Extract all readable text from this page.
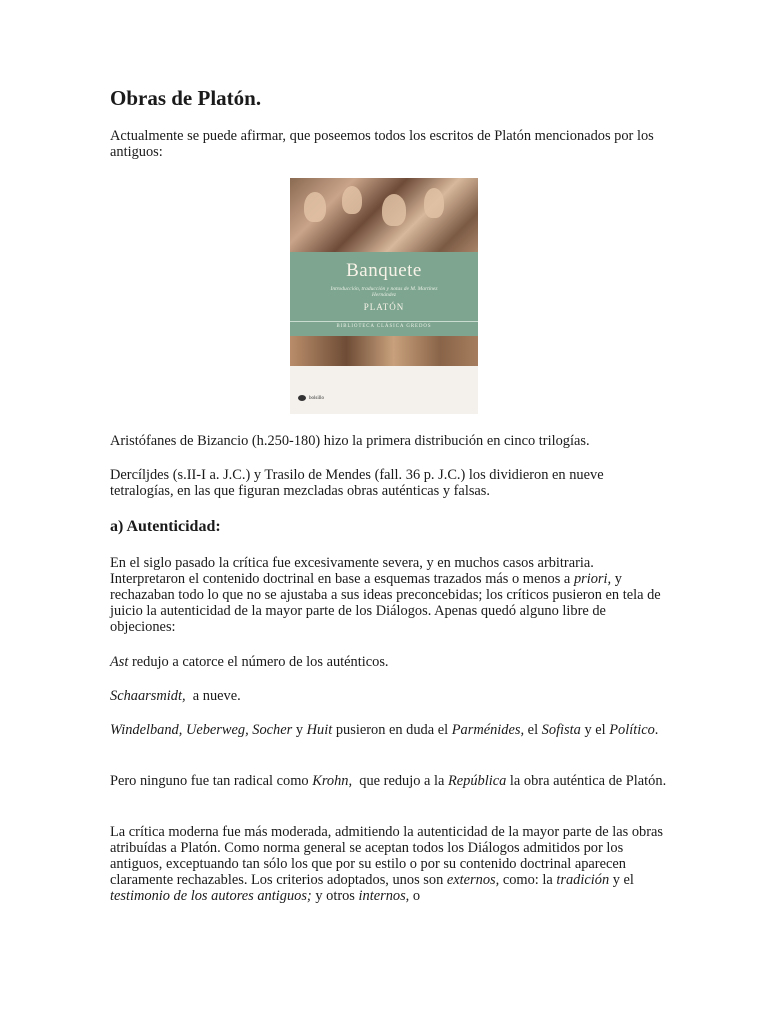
Obras de Platón.

Actualmente se puede afirmar, que poseemos todos los escritos de Platón mencionados por los antiguos:

Banquete
Introducción, traducción y notas de M. Martínez Hernández
PLATÓN
BIBLIOTECA CLÁSICA GREDOS
bolsillo

Aristófanes de Bizancio (h.250-180) hizo la primera distribución en cinco trilogías.

Dercíljdes (s.II-I a. J.C.) y Trasilo de Mendes (fall. 36 p. J.C.) los dividieron en nueve tetralogías, en las que figuran mezcladas obras auténticas y falsas.

a) Autenticidad:

En el siglo pasado la crítica fue excesivamente severa, y en muchos casos arbitraria. Interpretaron el contenido doctrinal en base a esquemas trazados más o menos a priori, y rechazaban todo lo que no se ajustaba a sus ideas preconcebidas; los críticos pusieron en tela de juicio la autenticidad de la mayor parte de los Diálogos. Apenas quedó alguno libre de objeciones:

Ast redujo a catorce el número de los auténticos.

Schaarsmidt,  a nueve.

Windelband, Ueberweg, Socher y Huit pusieron en duda el Parménides, el Sofista y el Político.

Pero ninguno fue tan radical como Krohn,  que redujo a la República la obra auténtica de Platón.

La crítica moderna fue más moderada, admitiendo la autenticidad de la mayor parte de las obras atribuídas a Platón. Como norma general se aceptan todos los Diálogos admitidos por los antiguos, exceptuando tan sólo los que por su estilo o por su contenido doctrinal aparecen claramente rechazables. Los criterios adoptados, unos son externos, como: la tradición y el testimonio de los autores antiguos; y otros internos, o
